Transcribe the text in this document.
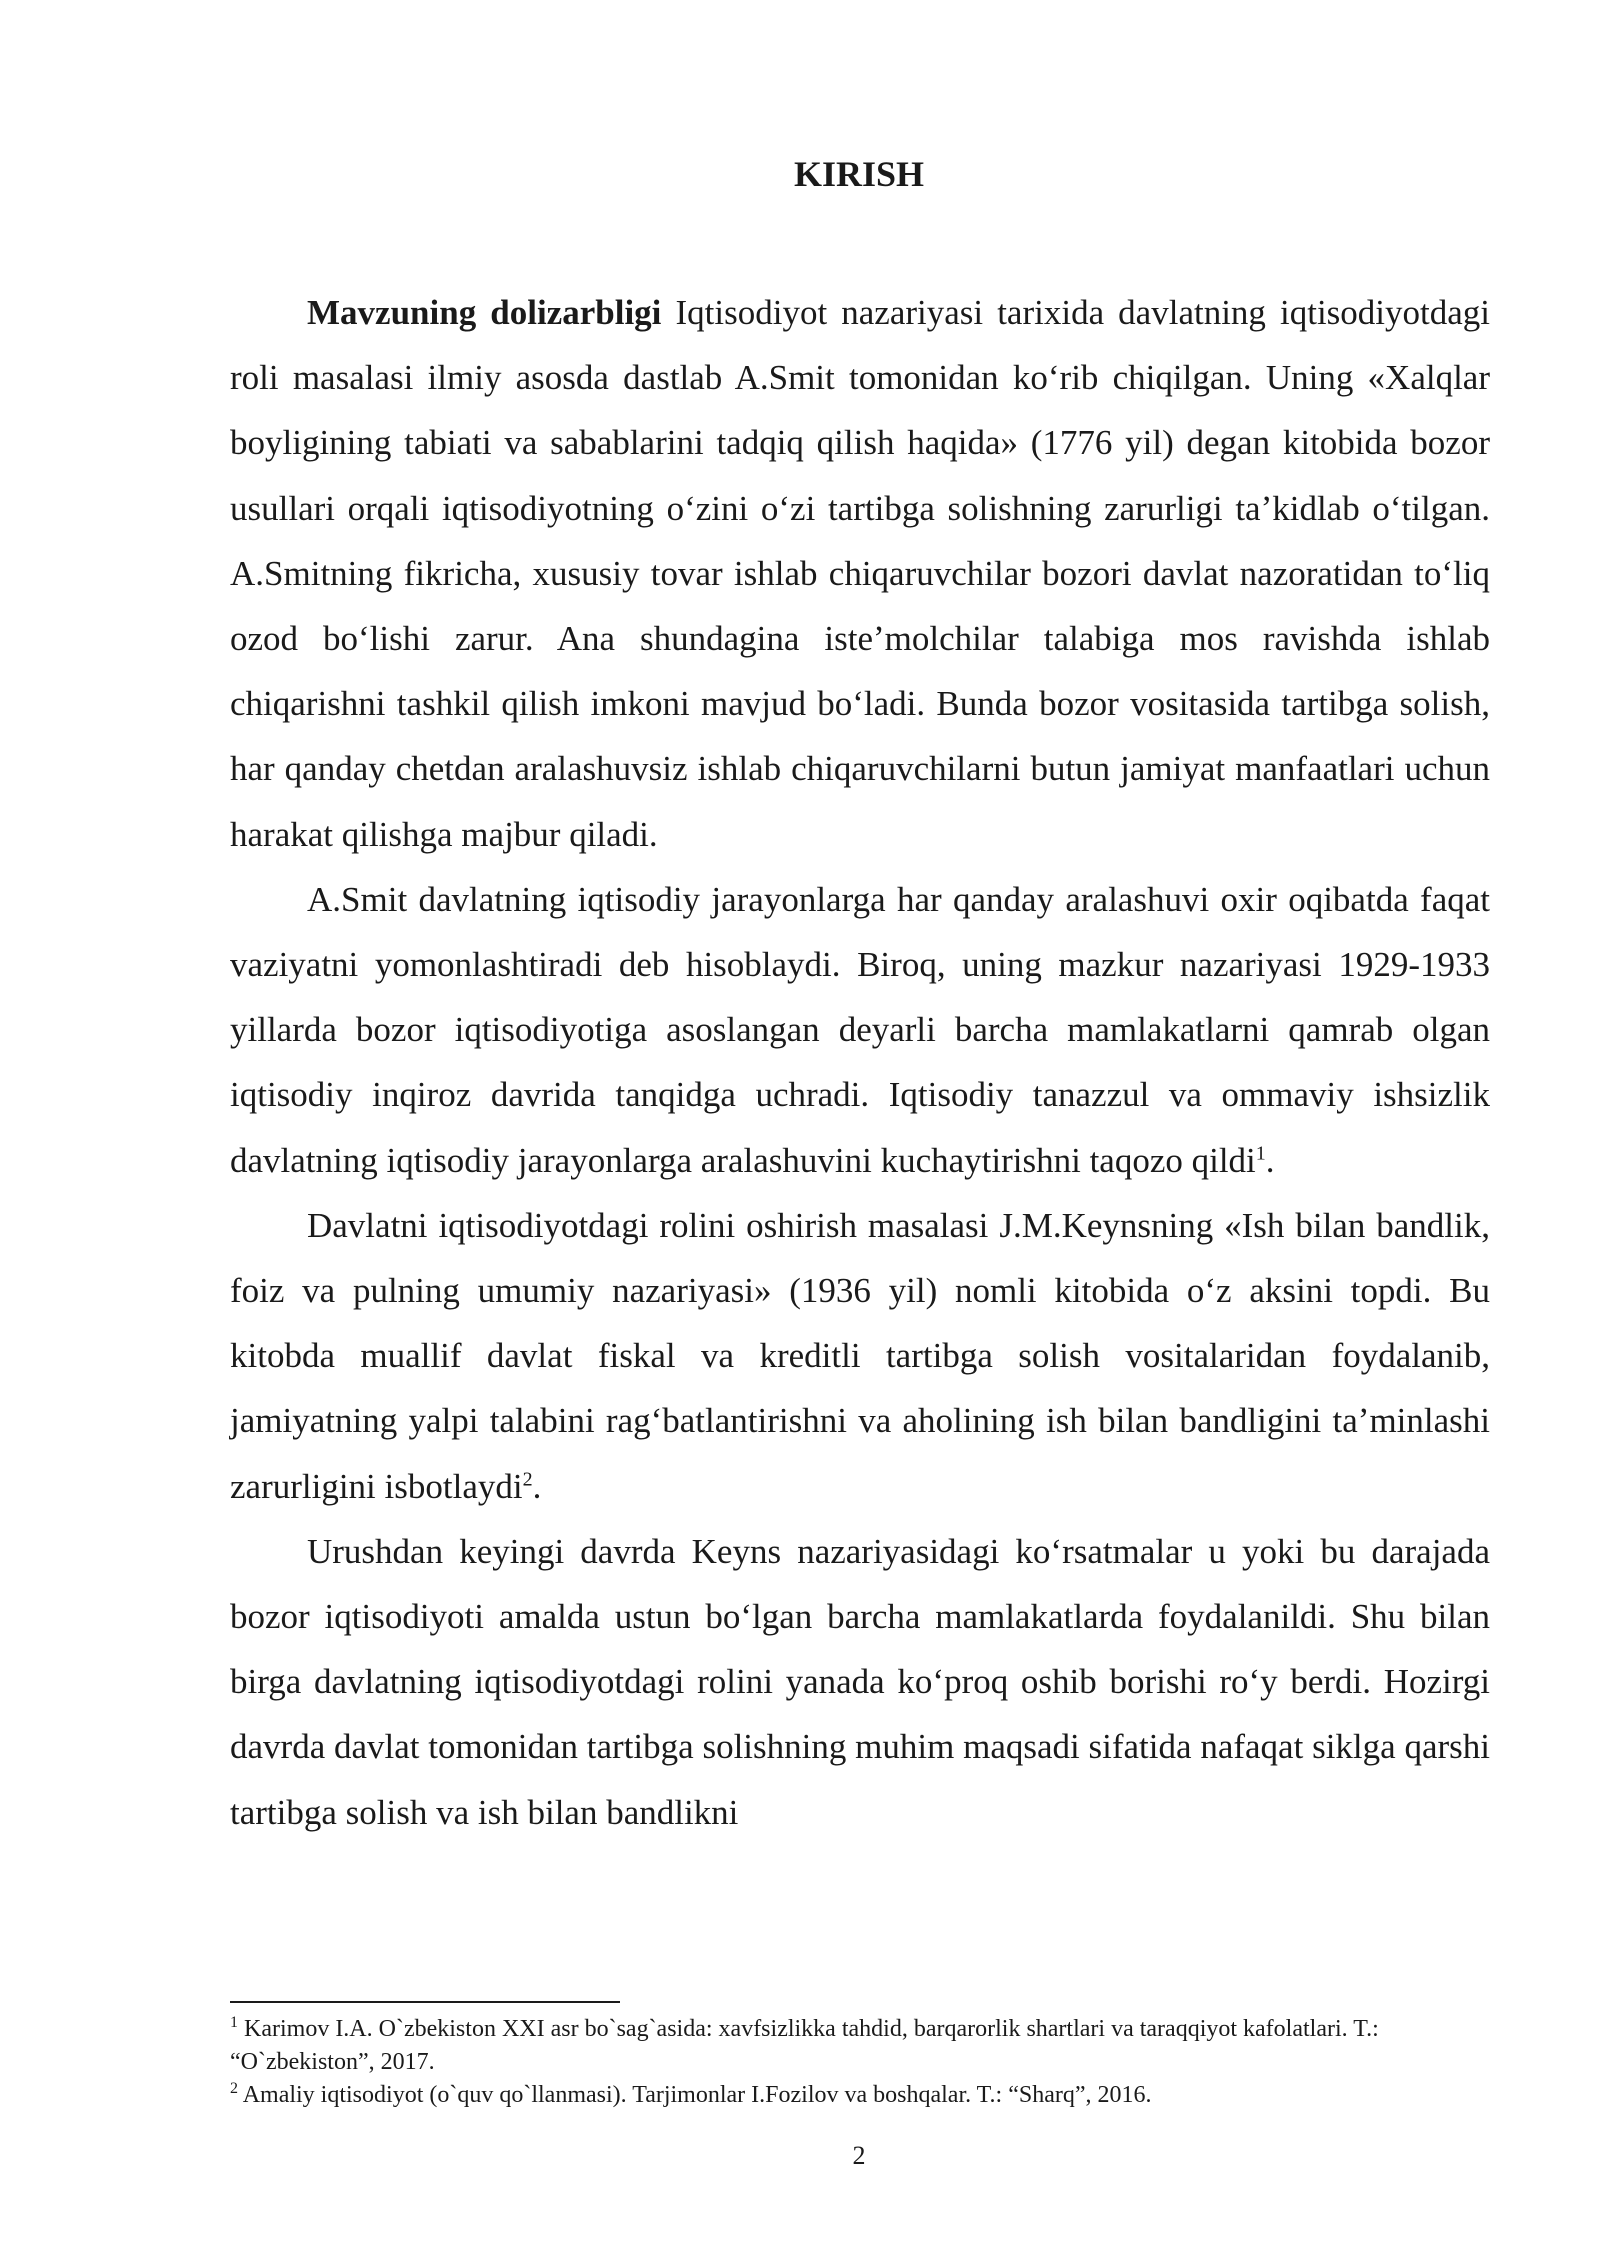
KIRISH

Mavzuning dolizarbligi Iqtisodiyot nazariyasi tarixida davlatning iqtisodiyotdagi roli masalasi ilmiy asosda dastlab A.Smit tomonidan koʻrib chiqilgan. Uning «Xalqlar boyligining tabiati va sabablarini tadqiq qilish haqida» (1776 yil) degan kitobida bozor usullari orqali iqtisodiyotning oʻzini oʻzi tartibga solishning zarurligi taʼkidlab oʻtilgan. A.Smitning fikricha, xususiy tovar ishlab chiqaruvchilar bozori davlat nazoratidan toʻliq ozod boʻlishi zarur. Ana shundagina isteʼmolchilar talabiga mos ravishda ishlab chiqarishni tashkil qilish imkoni mavjud boʻladi. Bunda bozor vositasida tartibga solish, har qanday chetdan aralashuvsiz ishlab chiqaruvchilarni butun jamiyat manfaatlari uchun harakat qilishga majbur qiladi.

A.Smit davlatning iqtisodiy jarayonlarga har qanday aralashuvi oxir oqibatda faqat vaziyatni yomonlashtiradi deb hisoblaydi. Biroq, uning mazkur nazariyasi 1929-1933 yillarda bozor iqtisodiyotiga asoslangan deyarli barcha mamlakatlarni qamrab olgan iqtisodiy inqiroz davrida tanqidga uchradi. Iqtisodiy tanazzul va ommaviy ishsizlik davlatning iqtisodiy jarayonlarga aralashuvini kuchaytirishni taqozo qildi$^1$.

Davlatni iqtisodiyotdagi rolini oshirish masalasi J.M.Keynsning «Ish bilan bandlik, foiz va pulning umumiy nazariyasi» (1936 yil) nomli kitobida oʻz aksini topdi. Bu kitobda muallif davlat fiskal va kreditli tartibga solish vositalaridan foydalanib, jamiyatning yalpi talabini ragʻbatlantirishni va aholining ish bilan bandligini taʼminlashi zarurligini isbotlaydi$^2$.

Urushdan keyingi davrda Keyns nazariyasidagi koʻrsatmalar u yoki bu darajada bozor iqtisodiyoti amalda ustun boʻlgan barcha mamlakatlarda foydalanildi. Shu bilan birga davlatning iqtisodiyotdagi rolini yanada koʻproq oshib borishi roʻy berdi. Hozirgi davrda davlat tomonidan tartibga solishning muhim maqsadi sifatida nafaqat siklga qarshi tartibga solish va ish bilan bandlikni

$^1$ Karimov I.A. O`zbekiston XXI asr bo`sag`asida: xavfsizlikka tahdid, barqarorlik shartlari va taraqqiyot kafolatlari. T.: “O`zbekiston”, 2017.

$^2$ Amaliy iqtisodiyot (o`quv qo`llanmasi). Tarjimonlar I.Fozilov va boshqalar. T.: “Sharq”, 2016.

2
